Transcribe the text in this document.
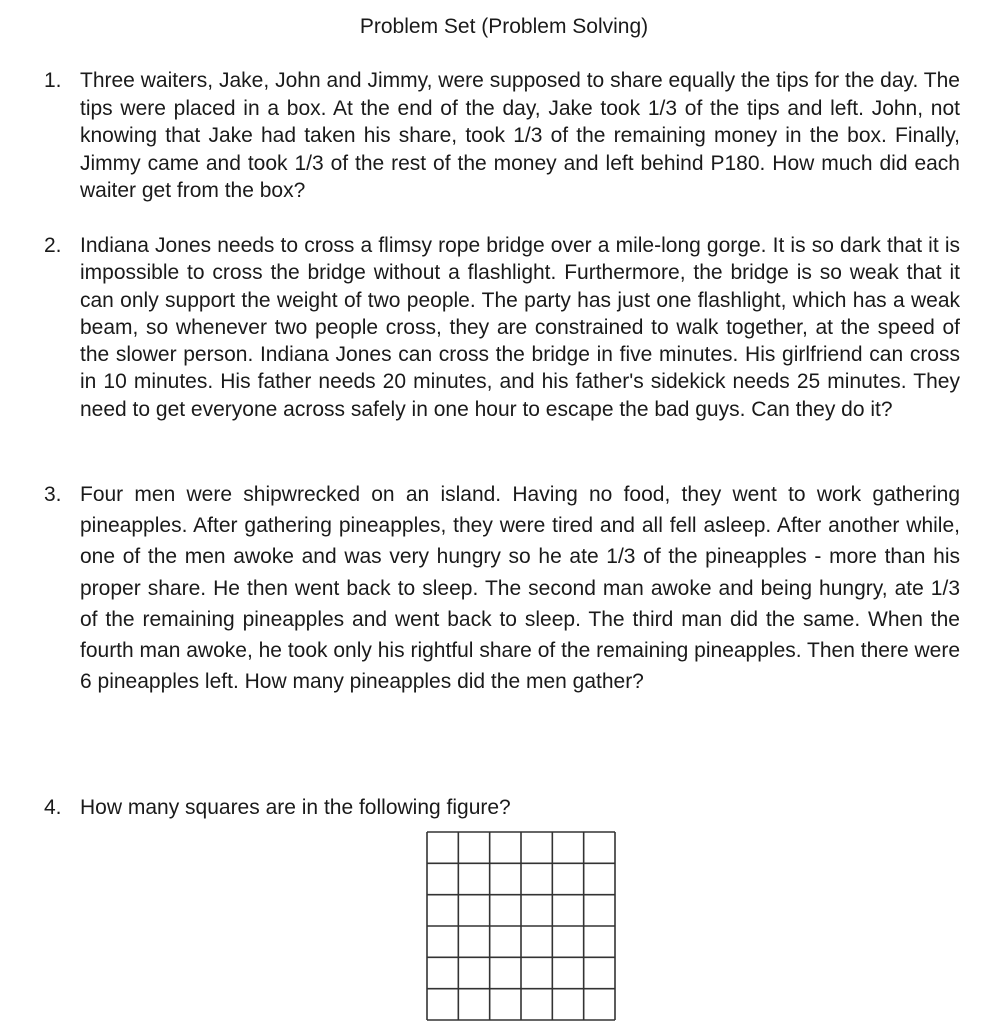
Problem Set (Problem Solving)
1. Three waiters, Jake, John and Jimmy, were supposed to share equally the tips for the day. The tips were placed in a box. At the end of the day, Jake took 1/3 of the tips and left. John, not knowing that Jake had taken his share, took 1/3 of the remaining money in the box. Finally, Jimmy came and took 1/3 of the rest of the money and left behind P180. How much did each waiter get from the box?
2. Indiana Jones needs to cross a flimsy rope bridge over a mile-long gorge. It is so dark that it is impossible to cross the bridge without a flashlight. Furthermore, the bridge is so weak that it can only support the weight of two people. The party has just one flashlight, which has a weak beam, so whenever two people cross, they are constrained to walk together, at the speed of the slower person. Indiana Jones can cross the bridge in five minutes. His girlfriend can cross in 10 minutes. His father needs 20 minutes, and his father's sidekick needs 25 minutes. They need to get everyone across safely in one hour to escape the bad guys. Can they do it?
3. Four men were shipwrecked on an island. Having no food, they went to work gathering pineapples. After gathering pineapples, they were tired and all fell asleep. After another while, one of the men awoke and was very hungry so he ate 1/3 of the pineapples - more than his proper share. He then went back to sleep. The second man awoke and being hungry, ate 1/3 of the remaining pineapples and went back to sleep. The third man did the same. When the fourth man awoke, he took only his rightful share of the remaining pineapples. Then there were 6 pineapples left. How many pineapples did the men gather?
4. How many squares are in the following figure?
